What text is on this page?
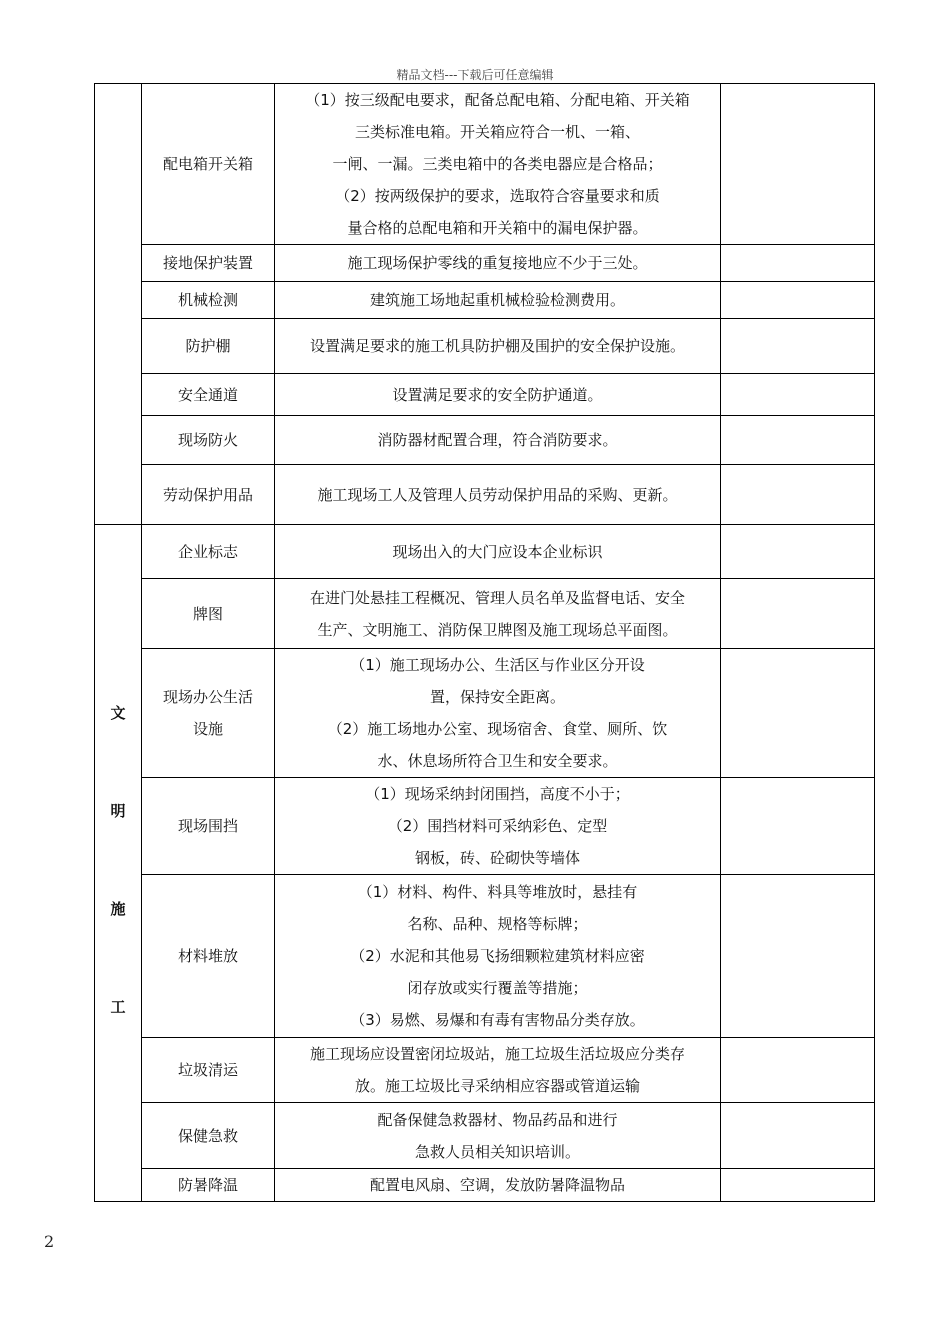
精品文档---下载后可任意编辑
	配电箱开关箱	（1）按三级配电要求，配备总配电箱、分配电箱、开关箱
三类标准电箱。开关箱应符合一机、一箱、
一闸、一漏。三类电箱中的各类电器应是合格品；
（2）按两级保护的要求，选取符合容量要求和质
量合格的总配电箱和开关箱中的漏电保护器。	

	接地保护装置	施工现场保护零线的重复接地应不少于三处。	

	机械检测	建筑施工场地起重机械检验检测费用。	

	防护棚	设置满足要求的施工机具防护棚及围护的安全保护设施。	

	安全通道	设置满足要求的安全防护通道。	

	现场防火	消防器材配置合理，符合消防要求。	

	劳动保护用品	施工现场工人及管理人员劳动保护用品的采购、更新。	

文
明
施
工	企业标志	现场出入的大门应设本企业标识	

	牌图	在进门处悬挂工程概况、管理人员名单及监督电话、安全
生产、文明施工、消防保卫牌图及施工现场总平面图。	

	现场办公生活
设施	（1）施工现场办公、生活区与作业区分开设
置，保持安全距离。
（2）施工场地办公室、现场宿舍、食堂、厕所、饮
水、休息场所符合卫生和安全要求。	

	现场围挡	（1）现场采纳封闭围挡，高度不小于；
（2）围挡材料可采纳彩色、定型
钢板，砖、砼砌快等墙体	

	材料堆放	（1）材料、构件、料具等堆放时，悬挂有
名称、品种、规格等标牌；
（2）水泥和其他易飞扬细颗粒建筑材料应密
闭存放或实行覆盖等措施；
（3）易燃、易爆和有毒有害物品分类存放。	

	垃圾清运	施工现场应设置密闭垃圾站，施工垃圾生活垃圾应分类存
放。施工垃圾比寻采纳相应容器或管道运输	

	保健急救	配备保健急救器材、物品药品和进行
急救人员相关知识培训。	

	防暑降温	配置电风扇、空调，发放防暑降温物品	

2
